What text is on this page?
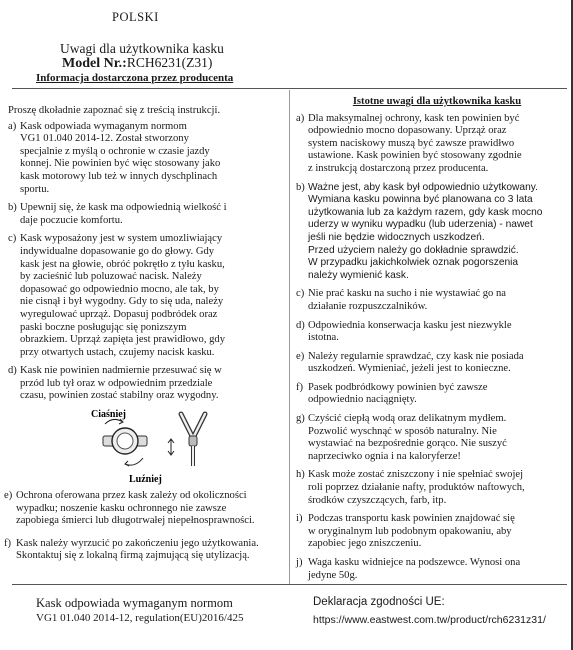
POLSKI
Uwagi dla użytkownika kasku
Model Nr.:RCH6231(Z31)
Informacja dostarczona przez producenta
Proszę dkoładnie zapoznać się z treścią instrukcji.
a) Kask odpowiada wymaganym normom
VG1 01.040 2014-12. Został stworzony
specjalnie z myślą o ochronie w czasie jazdy
konnej. Nie powinien być więc stosowany jako
kask motorowy lub też w innych dyschplinach
sportu.
b) Upewnij się, że kask ma odpowiednią wielkość i
daje poczucie komfortu.
c) Kask wyposażony jest w system umozliwiający
indywidualne dopasowanie go do głowy. Gdy
kask jest na głowie, obróć pokrętło z tyłu kasku,
by zacieśnić lub poluzować nacisk. Należy
dopasować go odpowiednio mocno, ale tak, by
nie cisnął i był wygodny. Gdy to się uda, należy
wyregulować uprząż. Dopasuj podbródek oraz
paski boczne posługując się ponizszym
obrazkiem. Uprząż zapięta jest prawidłowo, gdy
przy otwartych ustach, czujemy nacisk kasku.
d) Kask nie powinien nadmiernie przesuwać się w
przód lub tył oraz w odpowiednim przedziale
czasu, powinien zostać stabilny oraz wygodny.
Ciaśniej
Luźniej
e) Ochrona oferowana przez kask zależy od okoliczności
wypadku; noszenie kasku ochronnego nie zawsze
zapobiega śmierci lub długotrwałej niepełnosprawności.
f) Kask należy wyrzucić po zakończeniu jego użytkowania.
Skontaktuj się z lokalną firmą zajmującą się utylizacją.
Istotne uwagi dla użytkownika kasku
a) Dla maksymalnej ochrony, kask ten powinien być
odpowiednio mocno dopasowany. Uprząż oraz
system naciskowy muszą być zawsze prawidłwo
ustawione. Kask powinien być stosowany zgodnie
z instrukcją dostarczoną przez producenta.
b) Ważne jest, aby kask był odpowiednio użytkowany.
Wymiana kasku powinna być planowana co 3 lata
użytkowania lub za każdym razem, gdy kask mocno
uderzy w wyniku wypadku (lub uderzenia) - nawet
jeśli nie będzie widocznych uszkodzeń.
Przed użyciem należy go dokładnie sprawdzić.
W przypadku jakichkolwiek oznak pogorszenia
należy wymienić kask.
c) Nie prać kasku na sucho i nie wystawiać go na
działanie rozpuszczalników.
d) Odpowiednia konserwacja kasku jest niezwykle
istotna.
e) Należy regularnie sprawdzać, czy kask nie posiada
uszkodzeń. Wymieniać, jeżeli jest to konieczne.
f) Pasek podbródkowy powinien być zawsze
odpowiednio naciągnięty.
g) Czyścić ciepłą wodą oraz delikatnym mydłem.
Pozwolić wyschnąć w sposób naturalny. Nie
wystawiać na bezpośrednie gorąco. Nie suszyć
naprzeciwko ognia i na kaloryferze!
h) Kask może zostać zniszczony i nie spełniać swojej
roli poprzez działanie nafty, produktów naftowych,
środków czyszczących, farb, itp.
i) Podczas transportu kask powinien znajdować się
w oryginalnym lub podobnym opakowaniu, aby
zapobiec jego zniszczeniu.
j) Waga kasku widniejce na podszewce. Wynosi ona
jedyne 50g.
Kask odpowiada wymaganym normom
VG1 01.040 2014-12, regulation(EU)2016/425
Deklaracja zgodności UE:
https://www.eastwest.com.tw/product/rch6231z31/
